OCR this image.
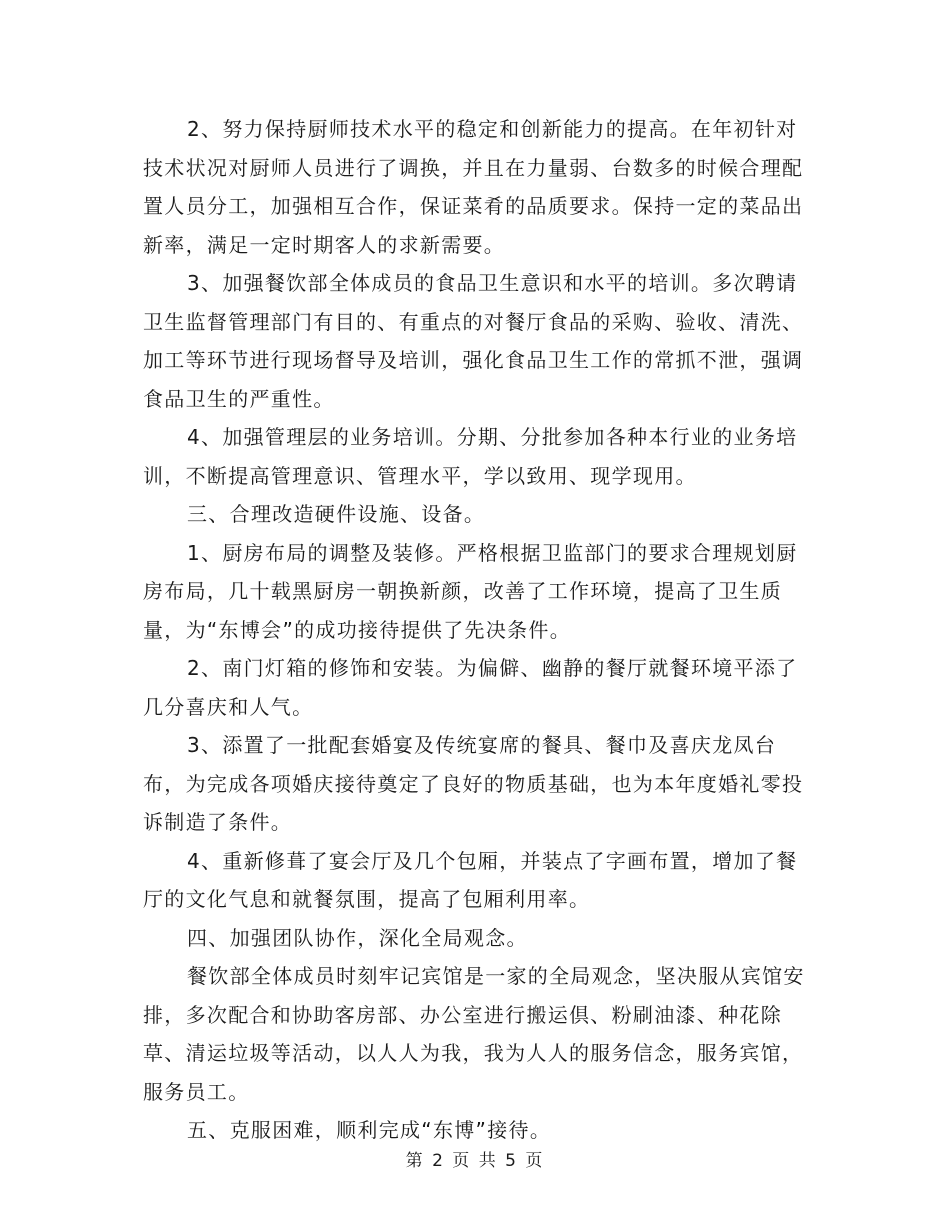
2、努力保持厨师技术水平的稳定和创新能力的提高。在年初针对技术状况对厨师人员进行了调换，并且在力量弱、台数多的时候合理配置人员分工，加强相互合作，保证菜肴的品质要求。保持一定的菜品出新率，满足一定时期客人的求新需要。

3、加强餐饮部全体成员的食品卫生意识和水平的培训。多次聘请卫生监督管理部门有目的、有重点的对餐厅食品的采购、验收、清洗、加工等环节进行现场督导及培训，强化食品卫生工作的常抓不泄，强调食品卫生的严重性。

4、加强管理层的业务培训。分期、分批参加各种本行业的业务培训，不断提高管理意识、管理水平，学以致用、现学现用。

三、合理改造硬件设施、设备。

1、厨房布局的调整及装修。严格根据卫监部门的要求合理规划厨房布局，几十载黑厨房一朝换新颜，改善了工作环境，提高了卫生质量，为“东博会”的成功接待提供了先决条件。

2、南门灯箱的修饰和安装。为偏僻、幽静的餐厅就餐环境平添了几分喜庆和人气。

3、添置了一批配套婚宴及传统宴席的餐具、餐巾及喜庆龙凤台布，为完成各项婚庆接待奠定了良好的物质基础，也为本年度婚礼零投诉制造了条件。

4、重新修葺了宴会厅及几个包厢，并装点了字画布置，增加了餐厅的文化气息和就餐氛围，提高了包厢利用率。

四、加强团队协作，深化全局观念。

餐饮部全体成员时刻牢记宾馆是一家的全局观念，坚决服从宾馆安排，多次配合和协助客房部、办公室进行搬运倶、粉刷油漆、种花除草、清运垃圾等活动，以人人为我，我为人人的服务信念，服务宾馆，服务员工。

五、克服困难，顺利完成“东博”接待。

第 2 页 共 5 页
